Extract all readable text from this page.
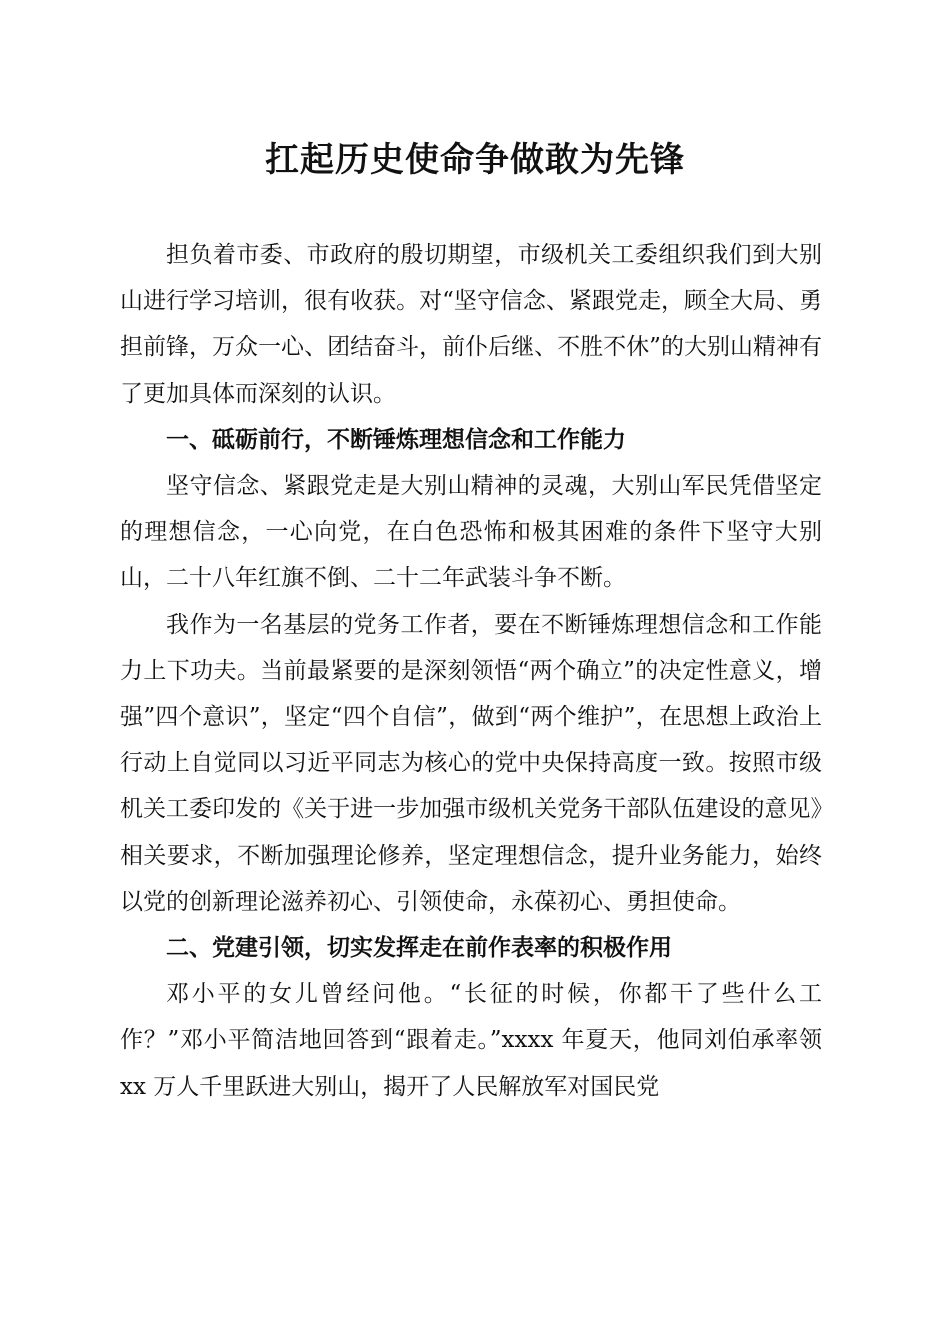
扛起历史使命争做敢为先锋

担负着市委、市政府的殷切期望，市级机关工委组织我们到大别山进行学习培训，很有收获。对“坚守信念、紧跟党走，顾全大局、勇担前锋，万众一心、团结奋斗，前仆后继、不胜不休”的大别山精神有了更加具体而深刻的认识。

一、砥砺前行，不断锤炼理想信念和工作能力

坚守信念、紧跟党走是大别山精神的灵魂，大别山军民凭借坚定的理想信念，一心向党，在白色恐怖和极其困难的条件下坚守大别山，二十八年红旗不倒、二十二年武装斗争不断。

我作为一名基层的党务工作者，要在不断锤炼理想信念和工作能力上下功夫。当前最紧要的是深刻领悟“两个确立”的决定性意义，增强”四个意识”，坚定“四个自信”，做到“两个维护”，在思想上政治上行动上自觉同以习近平同志为核心的党中央保持高度一致。按照市级机关工委印发的《关于进一步加强市级机关党务干部队伍建设的意见》相关要求，不断加强理论修养，坚定理想信念，提升业务能力，始终以党的创新理论滋养初心、引领使命，永葆初心、勇担使命。

二、党建引领，切实发挥走在前作表率的积极作用

邓小平的女儿曾经问他。“长征的时候，你都干了些什么工作？”邓小平简洁地回答到“跟着走。”xxxx 年夏天，他同刘伯承率领 xx 万人千里跃进大别山，揭开了人民解放军对国民党
